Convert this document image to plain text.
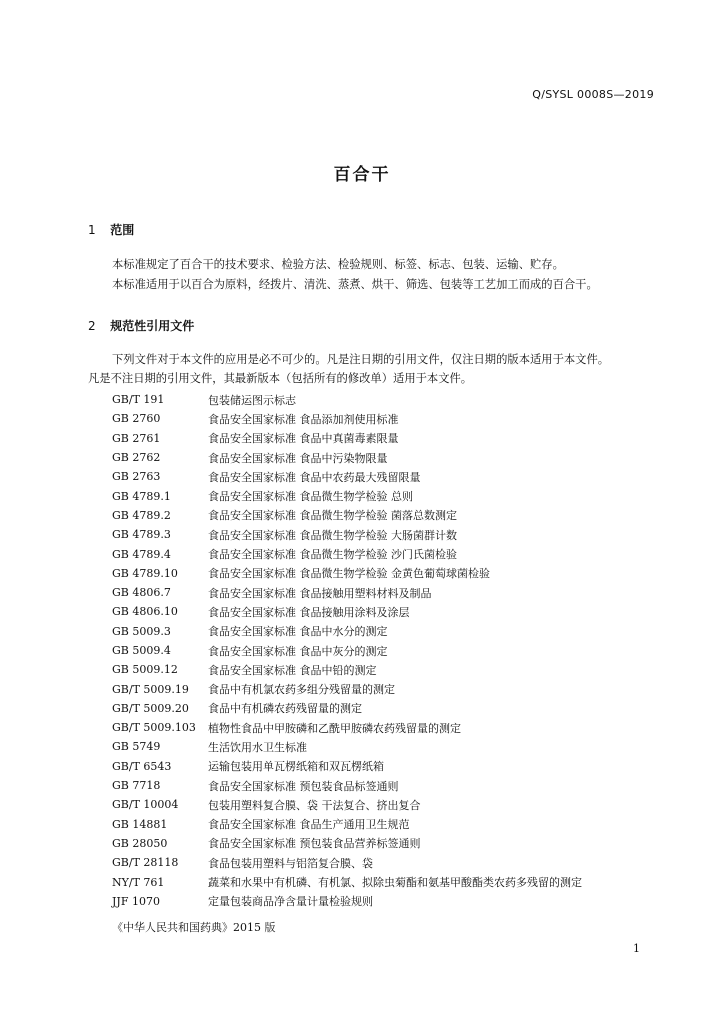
Q/SYSL 0008S—2019
百合干
1 范围
本标准规定了百合干的技术要求、检验方法、检验规则、标签、标志、包装、运输、贮存。
本标准适用于以百合为原料，经拨片、清洗、蒸煮、烘干、筛选、包装等工艺加工而成的百合干。
2 规范性引用文件
下列文件对于本文件的应用是必不可少的。凡是注日期的引用文件，仅注日期的版本适用于本文件。
凡是不注日期的引用文件，其最新版本（包括所有的修改单）适用于本文件。
GB/T 191	包装储运图示标志
GB 2760	食品安全国家标准 食品添加剂使用标准
GB 2761	食品安全国家标准 食品中真菌毒素限量
GB 2762	食品安全国家标准 食品中污染物限量
GB 2763	食品安全国家标准 食品中农药最大残留限量
GB 4789.1	食品安全国家标准 食品微生物学检验 总则
GB 4789.2	食品安全国家标准 食品微生物学检验 菌落总数测定
GB 4789.3	食品安全国家标准 食品微生物学检验 大肠菌群计数
GB 4789.4	食品安全国家标准 食品微生物学检验 沙门氏菌检验
GB 4789.10	食品安全国家标准 食品微生物学检验 金黄色葡萄球菌检验
GB 4806.7	食品安全国家标准 食品接触用塑料材料及制品
GB 4806.10	食品安全国家标准 食品接触用涂料及涂层
GB 5009.3	食品安全国家标准 食品中水分的测定
GB 5009.4	食品安全国家标准 食品中灰分的测定
GB 5009.12	食品安全国家标准 食品中铅的测定
GB/T 5009.19	食品中有机氯农药多组分残留量的测定
GB/T 5009.20	食品中有机磷农药残留量的测定
GB/T 5009.103	植物性食品中甲胺磷和乙酰甲胺磷农药残留量的测定
GB 5749	生活饮用水卫生标准
GB/T 6543	运输包装用单瓦楞纸箱和双瓦楞纸箱
GB 7718	食品安全国家标准 预包装食品标签通则
GB/T 10004	包装用塑料复合膜、袋 干法复合、挤出复合
GB 14881	食品安全国家标准 食品生产通用卫生规范
GB 28050	食品安全国家标准 预包装食品营养标签通则
GB/T 28118	食品包装用塑料与铝箔复合膜、袋
NY/T 761	蔬菜和水果中有机磷、有机氯、拟除虫菊酯和氨基甲酸酯类农药多残留的测定
JJF 1070	定量包装商品净含量计量检验规则
《中华人民共和国药典》2015 版
1
